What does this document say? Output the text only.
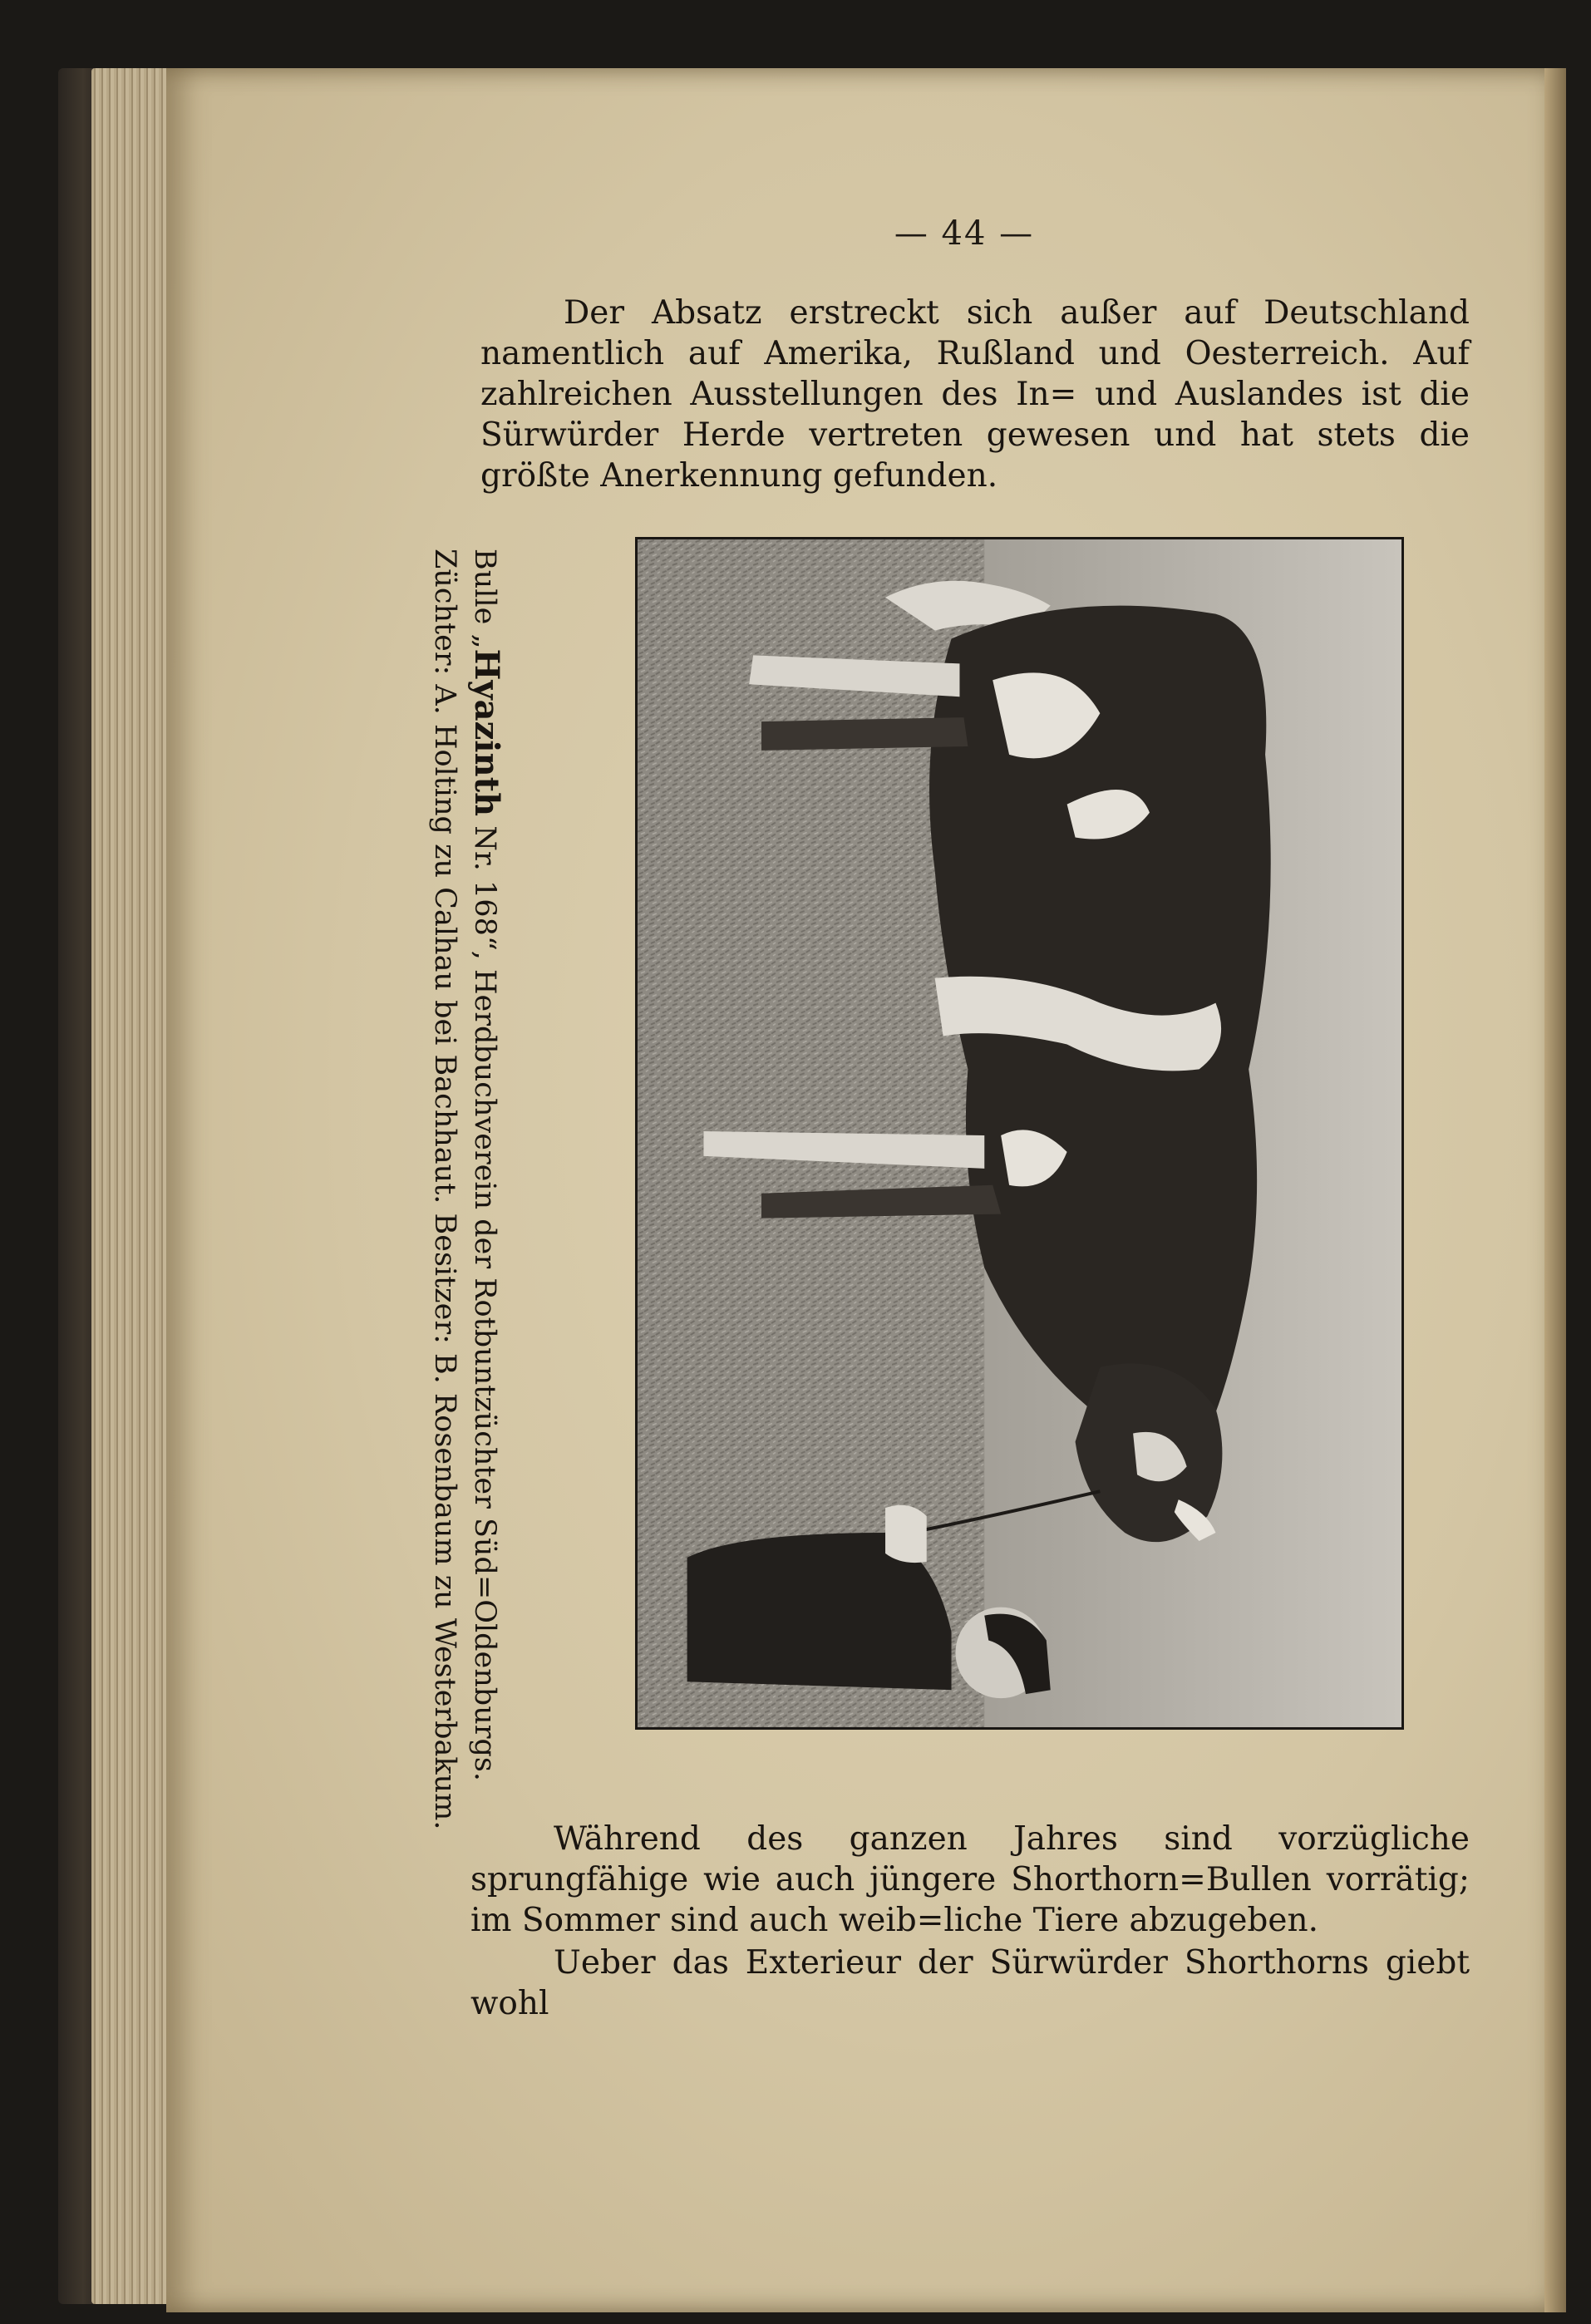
— 44 —

Der Absatz erstreckt sich außer auf Deutschland namentlich auf Amerika, Rußland und Oesterreich. Auf zahlreichen Ausstellungen des In= und Auslandes ist die Sürwürder Herde vertreten gewesen und hat stets die größte Anerkennung gefunden.

Bulle „Hyazinth Nr. 168“, Herdbuchverein der Rotbuntzüchter Süd=Oldenburgs.
Züchter: A. Holting zu Calhau bei Bachhaut. Besitzer: B. Rosenbaum zu Westerbakum.

Während des ganzen Jahres sind vorzügliche sprungfähige wie auch jüngere Shorthorn=Bullen vorrätig; im Sommer sind auch weib=liche Tiere abzugeben.

Ueber das Exterieur der Sürwürder Shorthorns giebt wohl
